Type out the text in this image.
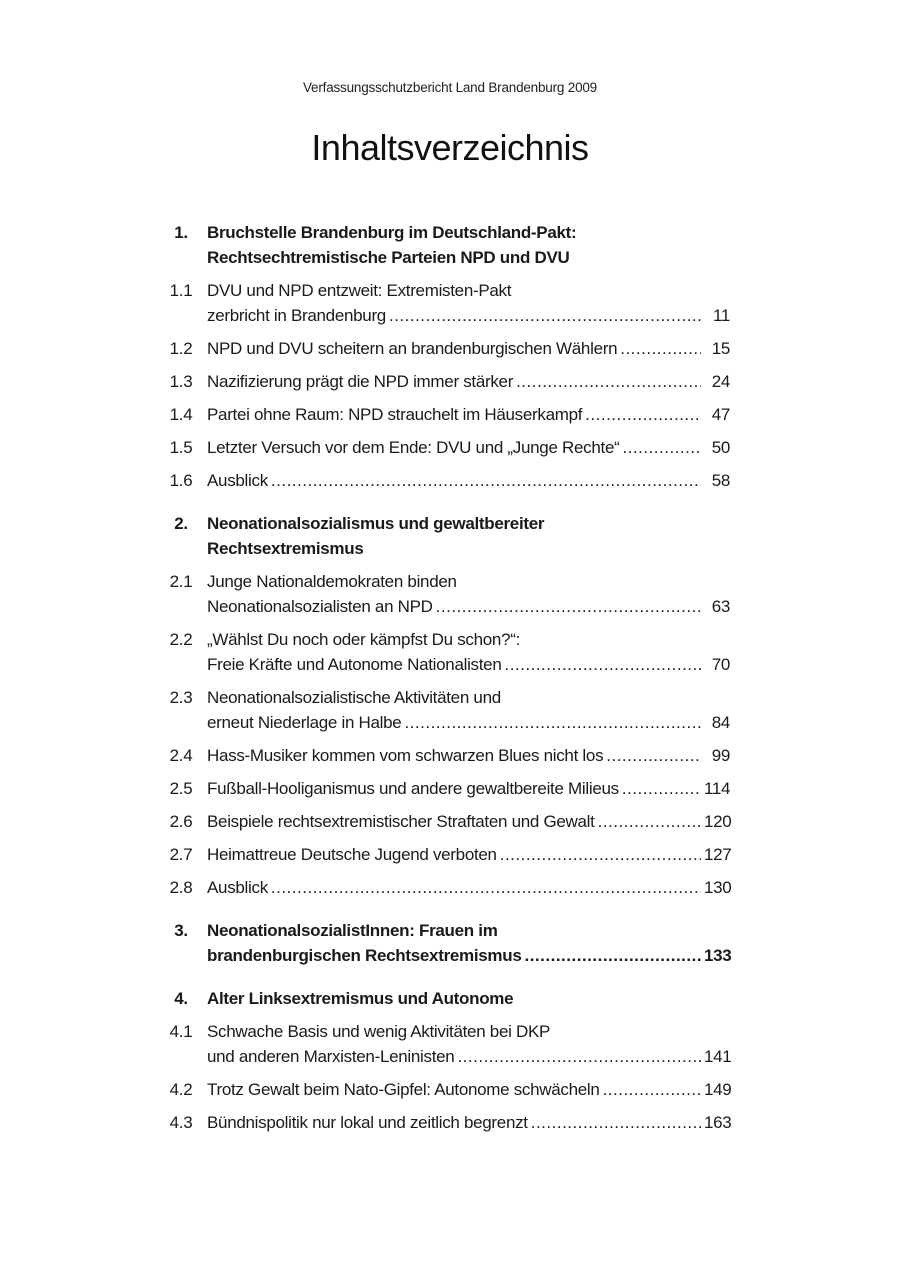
Verfassungsschutzbericht Land Brandenburg 2009
Inhaltsverzeichnis
1.	Bruchstelle Brandenburg im Deutschland-Pakt:
Rechtsechtremistische Parteien NPD und DVU
1.1 DVU und NPD entzweit: Extremisten-Pakt
zerbricht in Brandenburg .....	11
1.2 NPD und DVU scheitern an brandenburgischen Wählern .....	15
1.3 Nazifizierung prägt die NPD immer stärker .....	24
1.4 Partei ohne Raum: NPD strauchelt im Häuserkampf .....	47
1.5 Letzter Versuch vor dem Ende: DVU und „Junge Rechte“ .....	50
1.6 Ausblick .....	58
2.	Neonationalsozialismus und gewaltbereiter
Rechtsextremismus
2.1 Junge Nationaldemokraten binden
Neonationalsozialisten an NPD .....	63
2.2 „Wählst Du noch oder kämpfst Du schon?“:
Freie Kräfte und Autonome Nationalisten .....	70
2.3 Neonationalsozialistische Aktivitäten und
erneut Niederlage in Halbe .....	84
2.4 Hass-Musiker kommen vom schwarzen Blues nicht los .....	99
2.5 Fußball-Hooliganismus und andere gewaltbereite Milieus .....	114
2.6 Beispiele rechtsextremistischer Straftaten und Gewalt .....	120
2.7 Heimattreue Deutsche Jugend verboten .....	127
2.8 Ausblick .....	130
3.	NeonationalsozialistInnen: Frauen im
brandenburgischen Rechtsextremismus .....	133
4.	Alter Linksextremismus und Autonome
4.1 Schwache Basis und wenig Aktivitäten bei DKP
und anderen Marxisten-Leninisten .....	141
4.2 Trotz Gewalt beim Nato-Gipfel: Autonome schwächeln .....	149
4.3 Bündnispolitik nur lokal und zeitlich begrenzt .....	163
